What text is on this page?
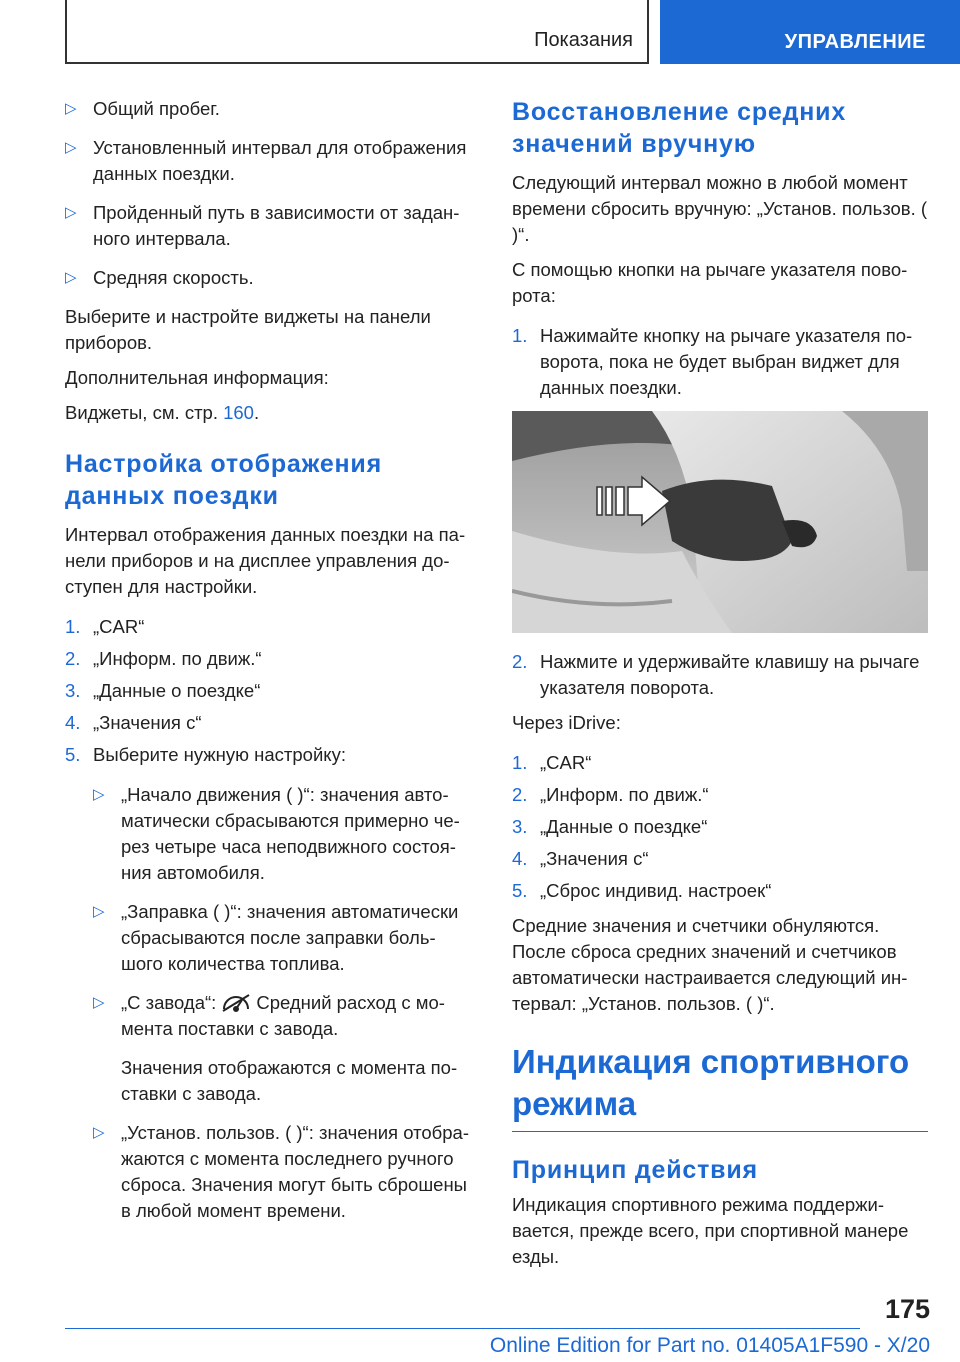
Показания	УПРАВЛЕНИЕ

▷ Общий пробег.

▷ Установленный интервал для отображения данных поездки.

▷ Пройденный путь в зависимости от задан-ного интервала.

▷ Средняя скорость.

Выберите и настройте виджеты на панели приборов.

Дополнительная информация:

Виджеты, см. стр. 160.

Настройка отображения данных поездки

Интервал отображения данных поездки на па-нели приборов и на дисплее управления до-ступен для настройки.

1. „CAR“

2. „Информ. по движ.“

3. „Данные о поездке“

4. „Значения с“

5. Выберите нужную настройку:

▷ „Начало движения ( )“: значения авто-матически сбрасываются примерно че-рез четыре часа неподвижного состоя-ния автомобиля.

▷ „Заправка ( )“: значения автоматически сбрасываются после заправки боль-шого количества топлива.

▷ „С завода“: Средний расход с мо-мента поставки с завода.

Значения отображаются с момента по-ставки с завода.

▷ „Установ. пользов. ( )“: значения отобра-жаются с момента последнего ручного сброса. Значения могут быть сброшены в любой момент времени.

Восстановление средних значений вручную

Следующий интервал можно в любой момент времени сбросить вручную: „Установ. пользов. ( )“.

С помощью кнопки на рычаге указателя пово-рота:

1. Нажимайте кнопку на рычаге указателя по-ворота, пока не будет выбран виджет для данных поездки.

2. Нажмите и удерживайте клавишу на рычаге указателя поворота.

Через iDrive:

1. „CAR“

2. „Информ. по движ.“

3. „Данные о поездке“

4. „Значения с“

5. „Сброс индивид. настроек“

Средние значения и счетчики обнуляются. После сброса средних значений и счетчиков автоматически настраивается следующий ин-тервал: „Установ. пользов. ( )“.

Индикация спортивного режима
Принцип действия

Индикация спортивного режима поддержи-вается, прежде всего, при спортивной манере езды.

175
Online Edition for Part no. 01405A1F590 - X/20
